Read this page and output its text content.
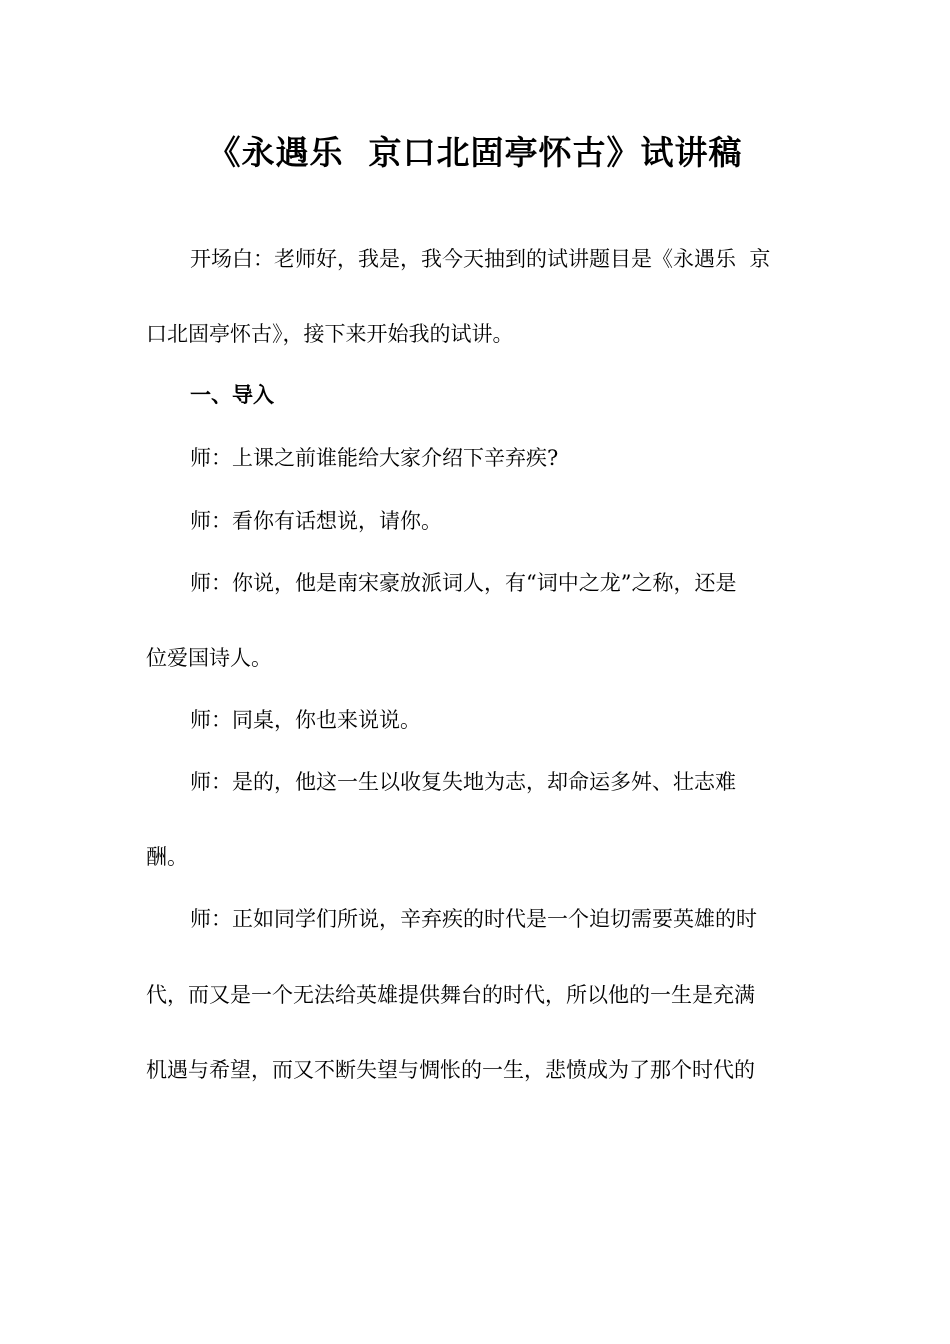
《永遇乐  京口北固亭怀古》试讲稿
开场白：老师好，我是，我今天抽到的试讲题目是《永遇乐  京
口北固亭怀古》，接下来开始我的试讲。
一、导入
师：上课之前谁能给大家介绍下辛弃疾?
师：看你有话想说，请你。
师：你说，他是南宋豪放派词人，有“词中之龙”之称，还是
位爱国诗人。
师：同桌，你也来说说。
师：是的，他这一生以收复失地为志，却命运多舛、壮志难
酬。
师：正如同学们所说，辛弃疾的时代是一个迫切需要英雄的时
代，而又是一个无法给英雄提供舞台的时代，所以他的一生是充满
机遇与希望，而又不断失望与惆怅的一生，悲愤成为了那个时代的
